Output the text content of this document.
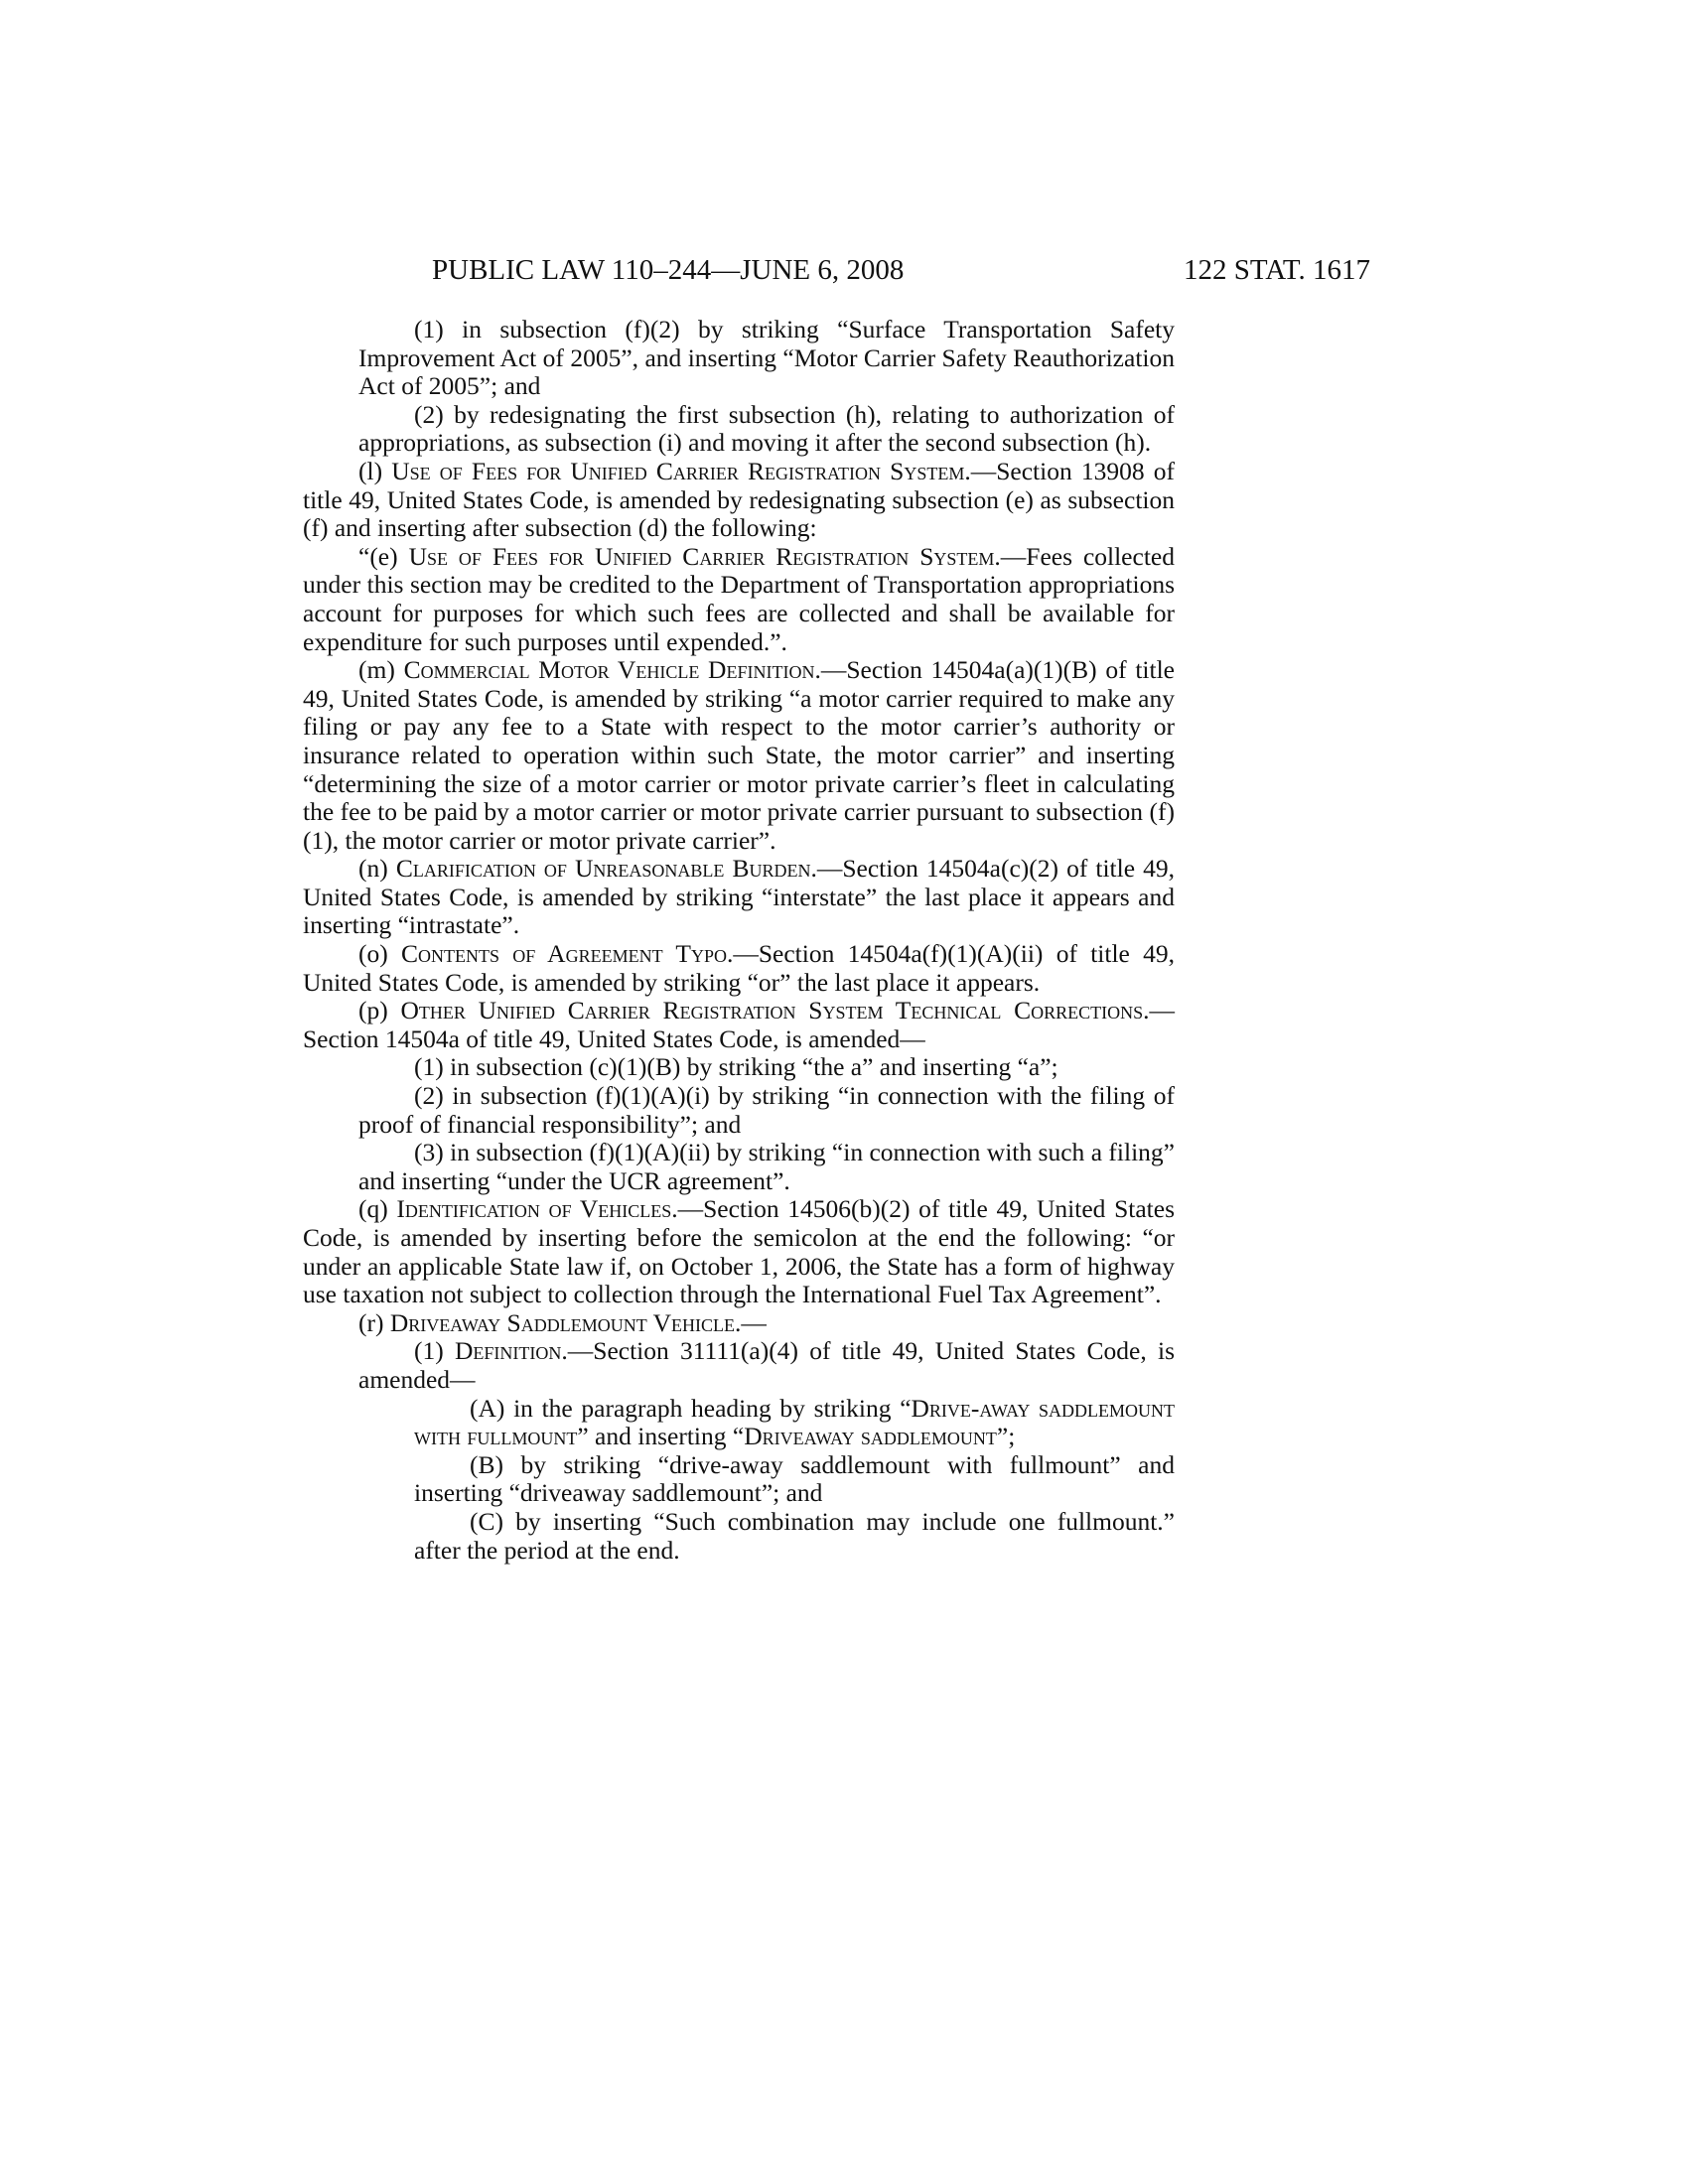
PUBLIC LAW 110–244—JUNE 6, 2008	122 STAT. 1617

(1) in subsection (f)(2) by striking “Surface Transportation Safety Improvement Act of 2005”, and inserting “Motor Carrier Safety Reauthorization Act of 2005”; and

(2) by redesignating the first subsection (h), relating to authorization of appropriations, as subsection (i) and moving it after the second subsection (h).

(l) Use of Fees for Unified Carrier Registration System.—Section 13908 of title 49, United States Code, is amended by redesignating subsection (e) as subsection (f) and inserting after subsection (d) the following:

“(e) Use of Fees for Unified Carrier Registration System.—Fees collected under this section may be credited to the Department of Transportation appropriations account for purposes for which such fees are collected and shall be available for expenditure for such purposes until expended.”.

(m) Commercial Motor Vehicle Definition.—Section 14504a(a)(1)(B) of title 49, United States Code, is amended by striking “a motor carrier required to make any filing or pay any fee to a State with respect to the motor carrier’s authority or insurance related to operation within such State, the motor carrier” and inserting “determining the size of a motor carrier or motor private carrier’s fleet in calculating the fee to be paid by a motor carrier or motor private carrier pursuant to subsection (f)(1), the motor carrier or motor private carrier”.

(n) Clarification of Unreasonable Burden.—Section 14504a(c)(2) of title 49, United States Code, is amended by striking “interstate” the last place it appears and inserting “intrastate”.

(o) Contents of Agreement Typo.—Section 14504a(f)(1)(A)(ii) of title 49, United States Code, is amended by striking “or” the last place it appears.

(p) Other Unified Carrier Registration System Technical Corrections.—Section 14504a of title 49, United States Code, is amended—

(1) in subsection (c)(1)(B) by striking “the a” and inserting “a”;

(2) in subsection (f)(1)(A)(i) by striking “in connection with the filing of proof of financial responsibility”; and

(3) in subsection (f)(1)(A)(ii) by striking “in connection with such a filing” and inserting “under the UCR agreement”.

(q) Identification of Vehicles.—Section 14506(b)(2) of title 49, United States Code, is amended by inserting before the semicolon at the end the following: “or under an applicable State law if, on October 1, 2006, the State has a form of highway use taxation not subject to collection through the International Fuel Tax Agreement”.

(r) Driveaway Saddlemount Vehicle.—

(1) Definition.—Section 31111(a)(4) of title 49, United States Code, is amended—

(A) in the paragraph heading by striking “Drive-away saddlemount with fullmount” and inserting “Driveaway saddlemount”;

(B) by striking “drive-away saddlemount with fullmount” and inserting “driveaway saddlemount”; and

(C) by inserting “Such combination may include one fullmount.” after the period at the end.
